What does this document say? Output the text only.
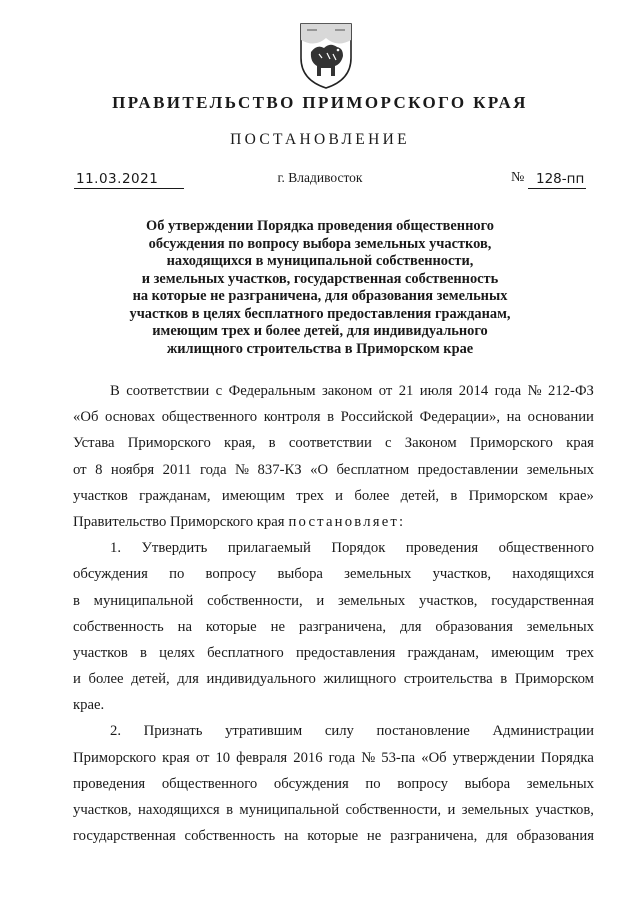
ПРАВИТЕЛЬСТВО ПРИМОРСКОГО КРАЯ
ПОСТАНОВЛЕНИЕ
11.03.2021	г. Владивосток	№ 128-пп
Об утверждении Порядка проведения общественного
обсуждения по вопросу выбора земельных участков,
находящихся в муниципальной собственности,
и земельных участков, государственная собственность
на которые не разграничена, для образования земельных
участков в целях бесплатного предоставления гражданам,
имеющим трех и более детей, для индивидуального
жилищного строительства в Приморском крае
В соответствии с Федеральным законом от 21 июля 2014 года № 212-ФЗ
«Об основах общественного контроля в Российской Федерации», на основании
Устава Приморского края, в соответствии с Законом Приморского края
от 8 ноября 2011 года № 837-КЗ «О бесплатном предоставлении земельных
участков гражданам, имеющим трех и более детей, в Приморском крае»
Правительство Приморского края постановляет:
1. Утвердить прилагаемый Порядок проведения общественного
обсуждения по вопросу выбора земельных участков, находящихся
в муниципальной собственности, и земельных участков, государственная
собственность на которые не разграничена, для образования земельных
участков в целях бесплатного предоставления гражданам, имеющим трех
и более детей, для индивидуального жилищного строительства в Приморском
крае.
2. Признать утратившим силу постановление Администрации
Приморского края от 10 февраля 2016 года № 53-па «Об утверждении Порядка
проведения общественного обсуждения по вопросу выбора земельных
участков, находящихся в муниципальной собственности, и земельных участков,
государственная собственность на которые не разграничена, для образования
